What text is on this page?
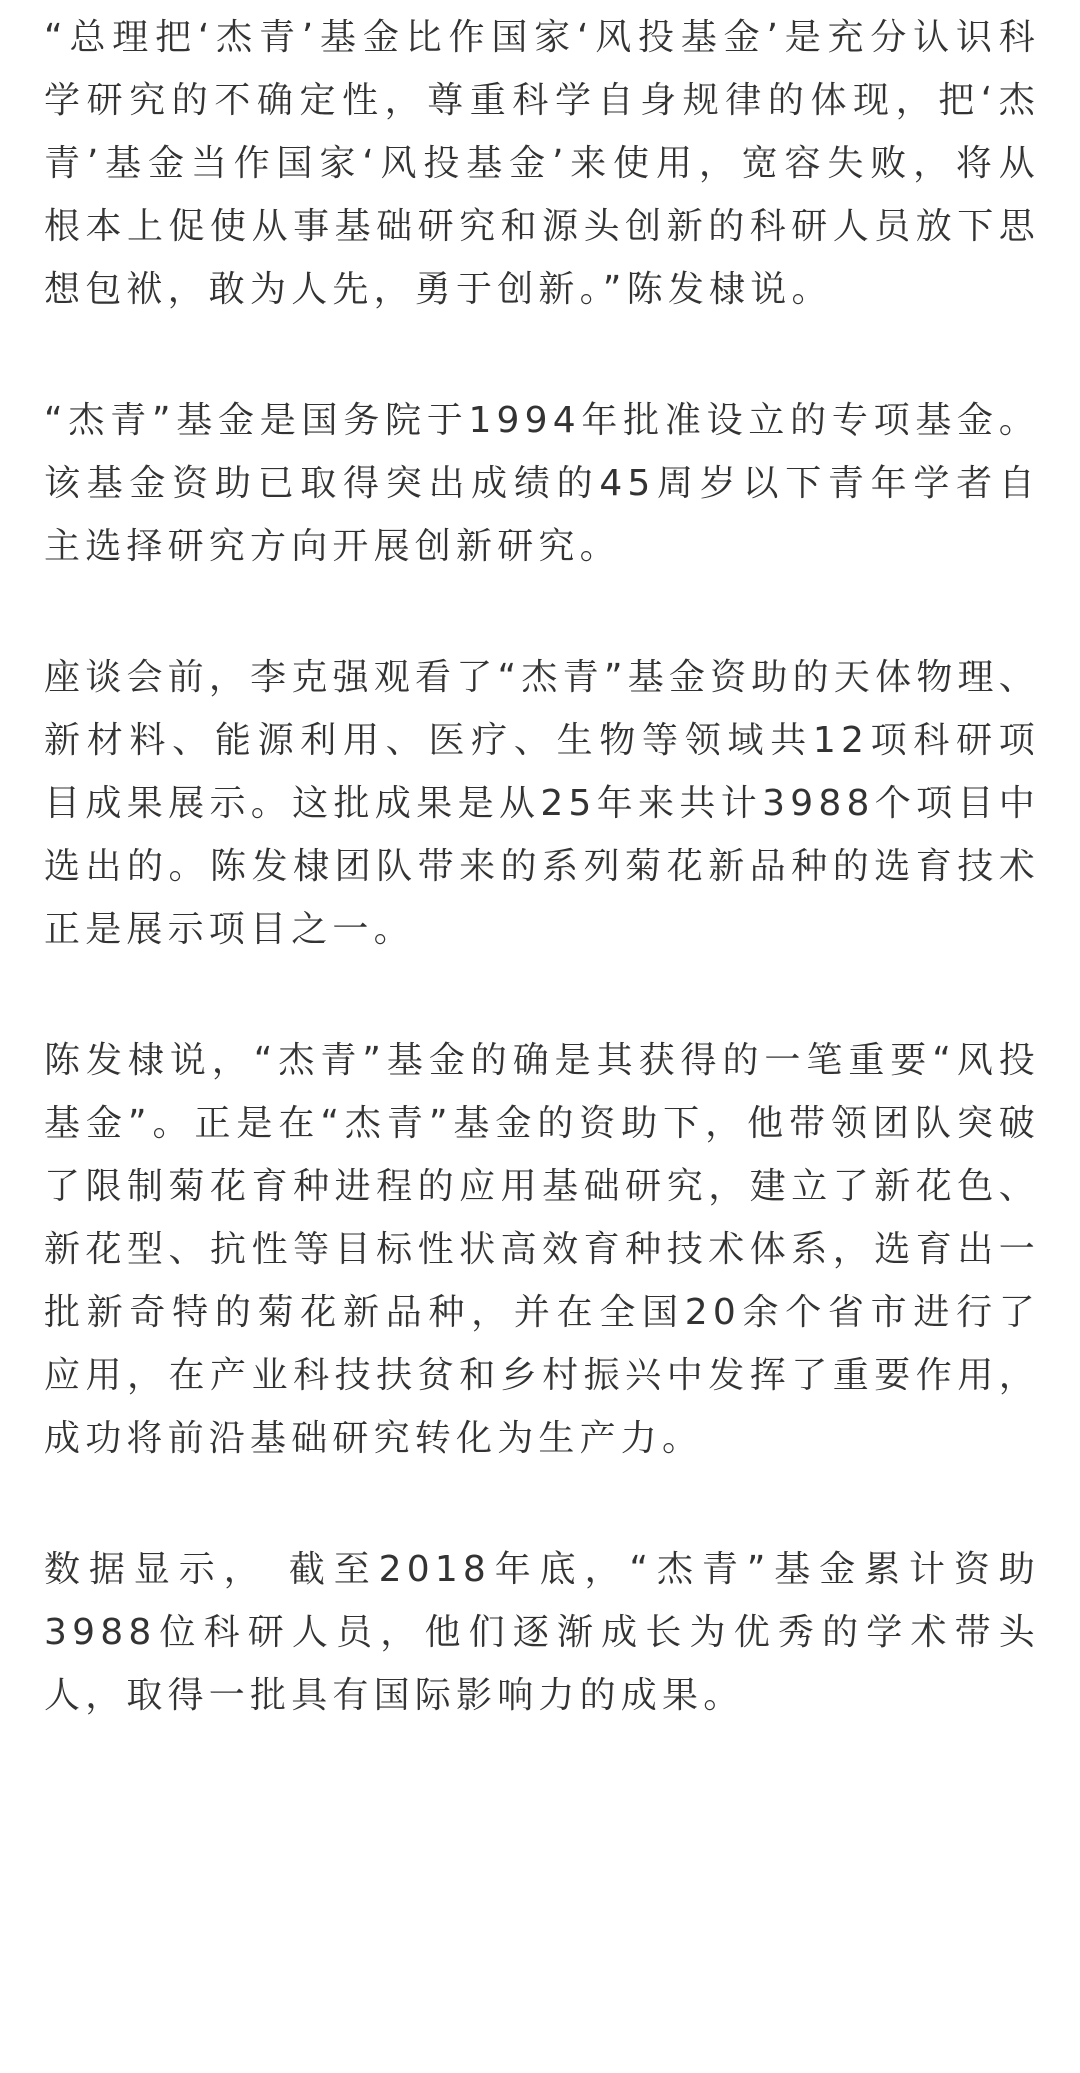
“总理把‘杰青’基金比作国家‘风投基金’是充分认识科学研究的不确定性，尊重科学自身规律的体现，把‘杰青’基金当作国家‘风投基金’来使用，宽容失败，将从根本上促使从事基础研究和源头创新的科研人员放下思想包袱，敢为人先，勇于创新。”陈发棣说。

“杰青”基金是国务院于1994年批准设立的专项基金。该基金资助已取得突出成绩的45周岁以下青年学者自主选择研究方向开展创新研究。

座谈会前，李克强观看了“杰青”基金资助的天体物理、新材料、能源利用、医疗、生物等领域共12项科研项目成果展示。这批成果是从25年来共计3988个项目中选出的。陈发棣团队带来的系列菊花新品种的选育技术正是展示项目之一。

陈发棣说，“杰青”基金的确是其获得的一笔重要“风投基金”。正是在“杰青”基金的资助下，他带领团队突破了限制菊花育种进程的应用基础研究，建立了新花色、新花型、抗性等目标性状高效育种技术体系，选育出一批新奇特的菊花新品种，并在全国20余个省市进行了应用，在产业科技扶贫和乡村振兴中发挥了重要作用，成功将前沿基础研究转化为生产力。

数据显示， 截至2018年底，“杰青”基金累计资助3988位科研人员，他们逐渐成长为优秀的学术带头人，取得一批具有国际影响力的成果。
